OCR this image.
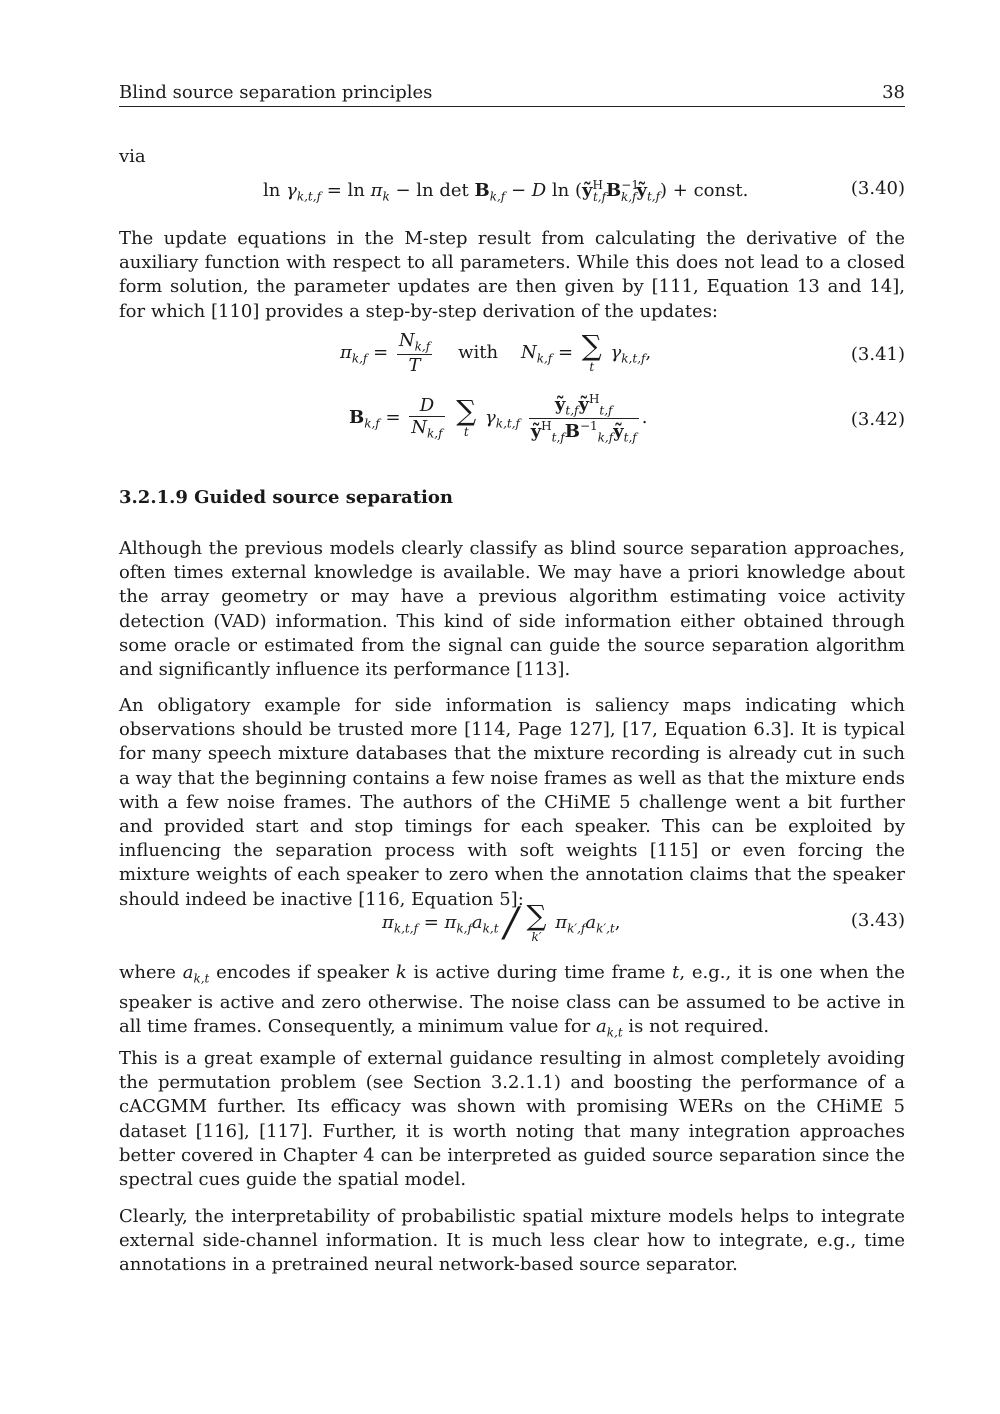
Blind source separation principles	38

via

$\ln \gamma_{k,t,f} = \ln \pi_k - \ln \det B_{k,f} - D$ $\ln (ỹ^H_{t,f}B^{-1}_{k,f}ỹ_{t,f})$ + const.	(3.40)

The update equations in the M-step result from calculating the derivative of the auxiliary function with respect to all parameters. While this does not lead to a closed form solution, the parameter updates are then given by [111, Equation 13 and 14], for which [110] provides a step-by-step derivation of the updates:

$\pi_{k,f} = \frac{N_{k,f}}{T}$ with $N_{k,f}$ = ∑
t
$\gamma_{k,t,f}$,	(3.41)
$B_{k,f} = \frac{D}{N_{k,f}}$
∑
t
$\gamma_{k,t,f} \frac{ỹ_{t,f}ỹ^H_{t,f}}{ỹ^H_{t,f}B^{-1}_{k,f}ỹ_{t,f}}$ .	(3.42)
3.2.1.9 Guided source separation

Although the previous models clearly classify as blind source separation approaches, often times external knowledge is available. We may have a priori knowledge about the array geometry or may have a previous algorithm estimating voice activity detection (VAD) information. This kind of side information either obtained through some oracle or estimated from the signal can guide the source separation algorithm and significantly influence its performance [113].

An obligatory example for side information is saliency maps indicating which observations should be trusted more [114, Page 127], [17, Equation 6.3]. It is typical for many speech mixture databases that the mixture recording is already cut in such a way that the beginning contains a few noise frames as well as that the mixture ends with a few noise frames. The authors of the CHiME 5 challenge went a bit further and provided start and stop timings for each speaker. This can be exploited by influencing the separation process with soft weights [115] or even forcing the mixture weights of each speaker to zero when the annotation claims that the speaker should indeed be inactive [116, Equation 5]:

$\pi_{k,t,f} = \pi_{k,f}a_{k,t}$ / ∑
k′
$\pi_{k',f}a_{k',t}$,	(3.43)

where $a_{k,t}$ encodes if speaker k is active during time frame t, e.g., it is one when the speaker is active and zero otherwise. The noise class can be assumed to be active in all time frames. Consequently, a minimum value for $a_{k,t}$ is not required.

This is a great example of external guidance resulting in almost completely avoiding the permutation problem (see Section 3.2.1.1) and boosting the performance of a cACGMM further. Its efficacy was shown with promising WERs on the CHiME 5 dataset [116], [117]. Further, it is worth noting that many integration approaches better covered in Chapter 4 can be interpreted as guided source separation since the spectral cues guide the spatial model.

Clearly, the interpretability of probabilistic spatial mixture models helps to integrate external side-channel information. It is much less clear how to integrate, e.g., time annotations in a pretrained neural network-based source separator.
